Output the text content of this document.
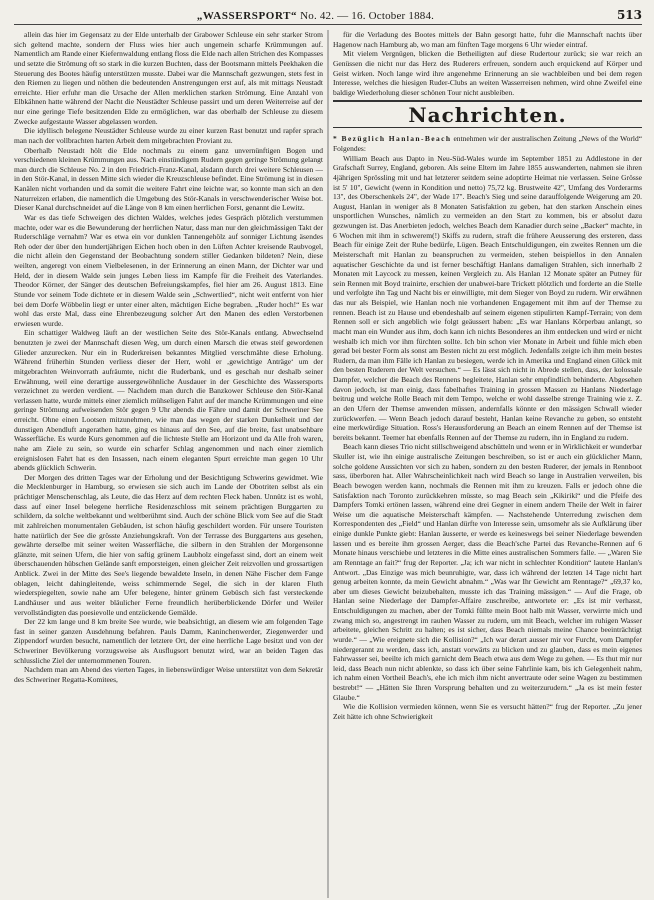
„WASSERSPORT“ No. 42. — 16. October 1884.	513

allein das hier im Gegensatz zu der Elde unterhalb der Grabower Schleuse ein sehr starker Strom sich geltend machte, sondern der Fluss wies hier auch ungemein scharfe Krümmungen auf. Namentlich am Rande einer Kiefernwaldung entlang floss die Elde nach allen Strichen des Kompasses und setzte die Strömung oft so stark in die kurzen Buchten, dass der Bootsmann mittels Peekhaken die Steuerung des Bootes häufig unterstützen musste. Dabei war die Mannschaft gezwungen, stets fest in den Riemen zu liegen und nöthen die bedeutenden Anstrengungen erst auf, als mit mittags Neustadt erreichte. Hier erfuhr man die Ursache der Allen merklichen starken Strömung. Eine Anzahl von Elbkähnen hatte während der Nacht die Neustädter Schleuse passirt und um deren Weiterreise auf der nur eine geringe Tiefe besitzenden Elde zu ermöglichen, war das oberhalb der Schleuse zu diesem Zwecke aufgestaute Wasser abgelassen worden.

Die idyllisch belegene Neustädter Schleuse wurde zu einer kurzen Rast benutzt und rapfer sprach man nach der vollbrachten harten Arbeit dem mitgebrachten Proviant zu.

Oberhalb Neustadt hölt die Elde nochmals zu einem ganz unvernünftigen Bogen und verschiedenen kleinen Krümmungen aus. Nach einstündigem Rudern gegen geringe Strömung gelangt man durch die Schleuse No. 2 in den Friedrich-Franz-Kanal, alsdann durch drei weitere Schleusen — in den Stör-Kanal, in dessen Mitte sich wieder die Kreuzschleuse befindet. Eine Strömung ist in diesen Kanälen nicht vorhanden und da somit die weitere Fahrt eine leichte war, so konnte man sich an den Naturreizen erlaben, die namentlich die Umgebung des Stör-Kanals in verschwenderischer Weise bot. Dieser Kanal durchschneidet auf die Länge von 8 km einen herrlichen Forst, genannt die Lewitz.

War es das tiefe Schweigen des dichten Waldes, welches jedes Gespräch plötzlich verstummen machte, oder war es die Bewunderung der herrlichen Natur, dass man nur den gleichmässigen Takt der Ruderschläge vernahm? War es etwa ein vor dunklen Tannengehölz auf sonniger Lichtung äsendes Reh oder der über den hundertjährigen Eichen hoch oben in den Lüften Achter kreisende Raubvogel, die nicht allein den Gegenstand der Beobachtung sondern stiller Gedanken bildeten? Nein, diese weilten, angeregt von einem Vielbelesenen, in der Erinnerung an einen Mann, der Dichter war und Held, der in diesem Walde sein junges Leben liess im Kampfe für die Freiheit des Vaterlandes. Theodor Körner, der Sänger des deutschen Befreiungskampfes, fiel hier am 26. August 1813. Eine Stunde vor seinem Tode dichtete er in diesem Walde sein „Schwertlied“, nicht weit entfernt von hier bei dem Dorfe Wöbbelin liegt er unter einer alten, mächtigen Eiche begraben. „Ruder hoch!“ Es war wohl das erste Mal, dass eine Ehrenbezeugung solcher Art den Manen des edlen Verstorbenen erwiesen wurde.

Ein schattiger Waldweg läuft an der westlichen Seite des Stör-Kanals entlang. Abwechselnd benutzten je zwei der Mannschaft diesen Weg, um durch einen Marsch die etwas steif gewordenen Glieder anzurecken. Nur ein in Ruderkreisen bekanntes Mitglied verschmähte diese Erholung. Während früherhin Stunden verliess dieser der Herr, wohl er ‚gewichtige Anträge‘ um der mitgebrachten Weinvorrath aufräumte, nicht die Ruderbank, und es geschah nur deshalb seiner Erwähnung, weil eine derartige aussergewöhnliche Ausdauer in der Geschichte des Wassersports verzeichnet zu werden verdient. — Nachdem man durch die Banzkower Schleuse den Stör-Kanal verlassen hatte, wurde mittels einer ziemlich mühseligen Fahrt auf der manche Krümmungen und eine geringe Strömung aufweisenden Stör gegen 9 Uhr abends die Fähre und damit der Schweriner See erreicht. Ohne einen Lootsen mitzunehmen, wie man das wegen der starken Dunkelheit und der dunstigen Abendluft angerathen hatte, ging es hinaus auf den See, auf die breite, fast unabsehbare Wasserfläche. Es wurde Kurs genommen auf die lichteste Stelle am Horizont und da Alle froh waren, nahe am Ziele zu sein, so wurde ein scharfer Schlag angenommen und nach einer ziemlich ereignislosen Fahrt hat es den Insassen, nach einem eleganten Spurt erreichte man gegen 10 Uhr abends glücklich Schwerin.

Der Morgen des dritten Tages war der Erholung und der Besichtigung Schwerins gewidmet. Wie die Mecklenburger in Hamburg, so erwiesen sie sich auch im Lande der Obotriten selbst als ein prächtiger Menschenschlag, als Leute, die das Herz auf dem rechten Fleck haben. Unnütz ist es wohl, dass auf einer Insel belegene herrliche Residenzschloss mit seinem prächtigen Burggarten zu schildern, da solche weltbekannt und weltberühmt sind. Auch der schöne Blick vom See auf die Stadt mit zahlreichen monumentalen Gebäuden, ist schon häufig geschildert worden. Für unsere Touristen hatte natürlich der See die grösste Anziehungskraft. Von der Terrasse des Burggartens aus gesehen, gewährte derselbe mit seiner weiten Wasserfläche, die silbern in den Strahlen der Morgensonne glänzte, mit seinen Ufern, die hier von saftig grünem Laubholz eingefasst sind, dort an einem weit überschauenden hübschen Gelände sanft emporsteigen, einen gleicher Zeit reizvollen und grossartigen Anblick. Zwei in der Mitte des See's liegende bewaldete Inseln, in denen Nähe Fischer dem Fange oblagen, leicht dahingleitende, weiss schimmernde Segel, die sich in der klaren Fluth wiederspiegelten, sowie nahe am Ufer belegene, hinter grünem Gebüsch sich fast versteckende Landhäuser und aus weiter bläulicher Ferne freundlich herüberblickende Dörfer und Weiler vervollständigten das poesievolle und entzückende Gemälde.

Der 22 km lange und 8 km breite See wurde, wie beabsichtigt, an diesem wie am folgenden Tage fast in seiner ganzen Ausdehnung befahren. Pauls Damm, Kaninchenwerder, Ziegenwerder und Zippendorf wurden besucht, namentlich der letztere Ort, der eine herrliche Lage besitzt und von der Schweriner Bevölkerung vorzugsweise als Ausflugsort benutzt wird, war an beiden Tagen das schlussliche Ziel der unternommenen Touren.

Nachdem man am Abend des vierten Tages, in liebenswürdiger Weise unterstützt von dem Sekretär des Schweriner Regatta-Komitees,

für die Verladung des Bootes mittels der Bahn gesorgt hatte, fuhr die Mannschaft nachts über Hagenow nach Hamburg ab, wo man am fünften Tage morgens 6 Uhr wieder eintraf.

Mit vielem Vergnügen, blicken die Betheiligten auf diese Rudertour zurück; sie war reich an Genüssen die nicht nur das Herz des Ruderers erfreuen, sondern auch erquickend auf Körper und Geist wirken. Noch lange wird ihre angenehme Erinnerung an sie wachbleiben und bei dem regen Interesse, welches die hiesigen Ruder-Clubs an weiten Wasserreisen nehmen, wird ohne Zweifel eine baldige Wiederholung dieser schönen Tour nicht ausbleiben.

Nachrichten.

* Bezüglich Hanlan-Beach entnehmen wir der australischen Zeitung „News of the World“ Folgendes:

William Beach aus Dapto in Neu-Süd-Wales wurde im September 1851 zu Addlestone in der Grafschaft Surrey, England, geboren. Als seine Eltern im Jahre 1855 auswanderten, nahmen sie ihren 4jährigen Sprössling mit und hat letzterer seitdem seine adoptirte Heimat nie verlassen. Seine Grösse ist 5' 10", Gewicht (wenn in Kondition und netto) 75,72 kg. Brustweite 42", Umfang des Vorderarms 13", des Oberschenkels 24", der Wade 17". Beach's Sieg und seine darauffolgende Weigerung am 20. August, Hanlan in weniger als 8 Monaten Satisfaktion zu geben, hat den starken Anschein eines unsportlichen Wunsches, nämlich zu vermeiden an den Start zu kommen, bis er absolut dazu gezwungen ist. Das Anerbieten jedoch, welches Beach dem Kanadier durch seine „Backer“ machte, in 6 Wochen mit ihm in schwerem(!) Skiffs zu rudern, straft die frühere Aeusserung des ersteren, dass Beach für einige Zeit der Ruhe bedürfe, Lügen. Beach Entschuldigungen, ein zweites Rennen um die Meisterschaft mit Hanlan zu beanspruchen zu vermeiden, stehen beispiellos in den Annalen aquatischer Geschichte da und ist ferner beschäftigt Hanlans damaligen Strahlen, sich innerhalb 2 Monaten mit Laycock zu messen, keinen Vergleich zu. Als Hanlan 12 Monate später an Putney für sein Rennen mit Boyd trainirte, erschien der unabwei-bare Trickett plötzlich und forderte an die Stelle und verfolgte ihn Tag und Nacht bis er einwilligte, mit dem Sieger von Boyd zu rudern. Wir erwähnen das nur als Beispiel, wie Hanlan noch nie vorhandenen Engagement mit ihm auf der Themse zu rennen. Beach ist zu Hause und ebendeshalb auf seinem eigenen stipulirten Kampf-Terrain; von dem Rennen soll er sich angeblich wie folgt geäussert haben: „Es war Hanlans Körperbau anlangt, so macht man ein Wunder aus ihm, doch kann ich nichts Besonderes an ihm entdecken und wird er nicht weshalb ich mich vor ihm fürchten sollte. Ich bin schon vier Monate in Arbeit und fühle mich eben gerad bei bester Form als sonst am Besten nicht zu erst möglich. Jedenfalls zeigte ich ihm mein bestes Rudern, da man ihm Fälle ich Hanlan zu besiegen, werde ich in Amerika und England einen Glück mit den besten Ruderern der Welt versuchen.“ — Es lässt sich nicht in Abrede stellen, dass, der kolossale Dampfer, welcher die Beach des Rennens begleitete, Hanlan sehr empfindlich behinderte. Abgesehen davon jedoch, ist man einig, dass fabelhaftes Training in grossen Massen zu Hanlans Niederlage beitrug und welche Rolle Beach mit dem Tempo, welche er wohl dasselbe strenge Training wie z. Z. an den Ufern der Themse anwenden müssen, andernfalls könnte er den mässigen Schwall wieder zurückwerfen. — Wenn Beach jedoch darauf besteht, Hanlan keine Revanche zu geben, so entsteht eine merkwürdige Situation. Ross's Herausforderung an Beach an einem Rennen auf der Themse ist bereits bekannt. Teemer hat ebenfalls Rennen auf der Themse zu rudern, ihn in England zu rudern.

Beach kann dieses Trio nicht stillschweigend abschütteln und wenn er in Wirklichkeit er wunderbar Skuller ist, wie ihn einige australische Zeitungen beschreiben, so ist er auch ein glücklicher Mann, solche goldene Aussichten vor sich zu haben, sondern zu den besten Ruderer, der jemals in Rennboot sass, überboren hat. Aller Wahrscheinlichkeit nach wird Beach so lange in Australien verweilen, bis Beach bewogen werden kann, nochmals die Rennen mit ihm zu kreuzen. Falls er jedoch ohne die Satisfaktion nach Toronto zurückkehren müsste, so mag Beach sein „Kikirikí“ und die Pfeife des Dampfers Tomki ertönen lassen, während eine drei Gegner in einem andern Theile der Welt in fairer Weise um die aquatische Meisterschaft kämpfen. — Nachstehende Unterredung zwischen dem Korrespondenten des „Field“ und Hanlan dürfte von Interesse sein, umsomehr als sie Aufklärung über einige dunkle Punkte giebt: Hanlan äusserte, er werde es keineswegs bei seiner Niederlage bewenden lassen und es bereite ihm grossen Aerger, dass die Beach'sche Partei das Revanche-Rennen auf 6 Monate hinaus verschiebe und letzteres in die Mitte eines australischen Sommers falle. — „Waren Sie am Renntage an fait?“ frug der Reporter. „Ja; ich war nicht in schlechter Kondition“ lautete Hanlan's Antwort. „Das Einzige was mich beunruhigte, war, dass ich während der letzten 14 Tage nicht hart genug arbeiten konnte, da mein Gewicht abnahm.“ „Was war Ihr Gewicht am Renntage?“ „69,37 ko, aber um dieses Gewicht beizubehalten, musste ich das Training mässigen.“ — Auf die Frage, ob Hanlan seine Niederlage der Dampfer-Affaire zuschreibe, antwortete er: „Es ist mir verhasst, Entschuldigungen zu machen, aber der Tomki füllte mein Boot halb mit Wasser, verwirrte mich und zwang mich so, angestrengt im rauhen Wasser zu rudern, um mit Beach, welcher im ruhigen Wasser arbeitete, gleichen Schritt zu halten; es ist sicher, dass Beach niemals meine Chance beeinträchtigt wurde.“ — „Wie ereignete sich die Kollision?“ „Ich war derart ausser mir vor Furcht, vom Dampfer niedergerannt zu werden, dass ich, anstatt vorwärts zu blicken und zu glauben, dass es mein eigenes Fahrwasser sei, beeilte ich mich garnicht dem Beach etwa aus dem Wege zu gehen. — Es thut mir nur leid, dass Beach nun nicht ablenkte, so dass ich über seine Fahrlinie kam, bis ich Gelegenheit nahm, ich nahm einen Vortheil Beach's, ehe ich mich ihm nicht anvertraute oder seine Wagen zu bestimmen bestrebt!“ — „Hätten Sie Ihren Vorsprung behalten und zu weiterzurudern.“ „Ja es ist mein fester Glaube.“

Wie die Kollision vermieden können, wenn Sie es versucht hätten?“ frug der Reporter. „Zu jener Zeit hätte ich ohne Schwierigkeit
